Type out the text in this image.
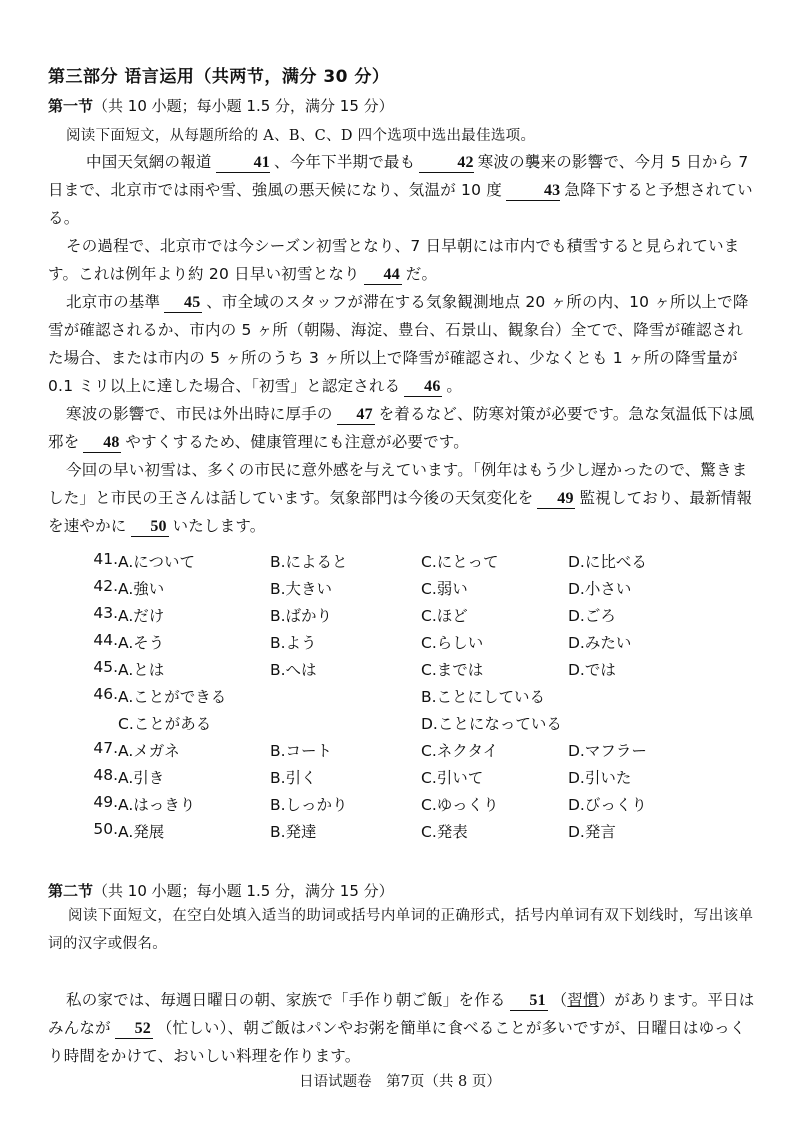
第三部分 语言运用（共两节，满分 30 分）
第一节（共 10 小题；每小题 1.5 分，满分 15 分）
阅读下面短文，从每题所给的 A、B、C、D 四个选项中选出最佳选项。
中国天気網の報道	41 、今年下半期で最も	42 寒波の襲来の影響で、今月 5 日から 7 日まで、北京市では雨や雪、強風の悪天候になり、気温が 10 度	43 急降下すると予想されている。
その過程で、北京市では今シーズン初雪となり、7 日早朝には市内でも積雪すると見られています。これは例年より約 20 日早い初雪となり 44 だ。
北京市の基準 45 、市全域のスタッフが滞在する気象観測地点 20 ヶ所の内、10 ヶ所以上で降雪が確認されるか、市内の 5 ヶ所（朝陽、海淀、豊台、石景山、観象台）全てで、降雪が確認された場合、または市内の 5 ヶ所のうち 3 ヶ所以上で降雪が確認され、少なくとも 1 ヶ所の降雪量が 0.1 ミリ以上に達した場合、「初雪」と認定される 46 。
寒波の影響で、市民は外出時に厚手の 47 を着るなど、防寒対策が必要です。急な気温低下は風邪を 48 やすくするため、健康管理にも注意が必要です。
今回の早い初雪は、多くの市民に意外感を与えています。「例年はもう少し遅かったので、驚きました」と市民の王さんは話しています。気象部門は今後の天気変化を 49 監視しており、最新情報を速やかに 50 いたします。
41. A.について	B.によると	C.にとって	D.に比べる
42. A.強い	B.大きい	C.弱い	D.小さい
43. A.だけ	B.ばかり	C.ほど	D.ごろ
44. A.そう	B.よう	C.らしい	D.みたい
45. A.とは	B.へは	C.までは	D.では
46. A.ことができる	B.ことにしている
C.ことがある	D.ことになっている
47. A.メガネ	B.コート	C.ネクタイ	D.マフラー
48. A.引き	B.引く	C.引いて	D.引いた
49. A.はっきり	B.しっかり	C.ゆっくり	D.びっくり
50. A.発展	B.発達	C.発表	D.発言
第二节（共 10 小题；每小题 1.5 分，满分 15 分）
阅读下面短文，在空白处填入适当的助词或括号内单词的正确形式，括号内单词有双下划线时，写出该单词的汉字或假名。
私の家では、毎週日曜日の朝、家族で「手作り朝ご飯」を作る 51 （習慣）があります。平日はみんなが 52 （忙しい）、朝ご飯はパンやお粥を簡単に食べることが多いですが、日曜日はゆっくり時間をかけて、おいしい料理を作ります。
日语试题卷　第7页（共 8 页）
